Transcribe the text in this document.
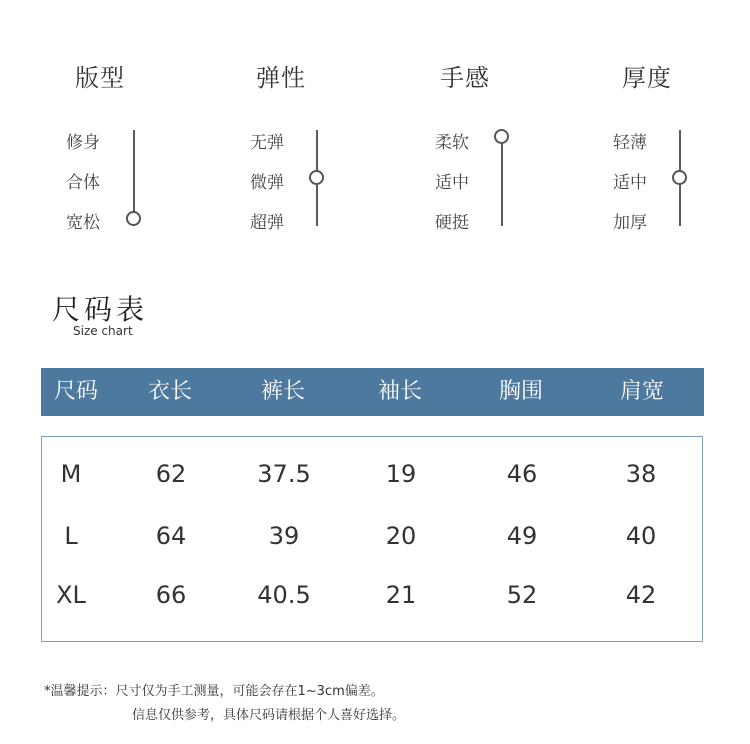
版型
修身
合体
宽松
弹性
无弹
微弹
超弹
手感
柔软
适中
硬挺
厚度
轻薄
适中
加厚
尺码表
Size chart
尺码	衣长	裤长	袖长	胸围	肩宽
M	62	37.5	19	46	38
L	64	39	20	49	40
XL	66	40.5	21	52	42
*温馨提示：尺寸仅为手工测量，可能会存在1~3cm偏差。
信息仅供参考，具体尺码请根据个人喜好选择。
